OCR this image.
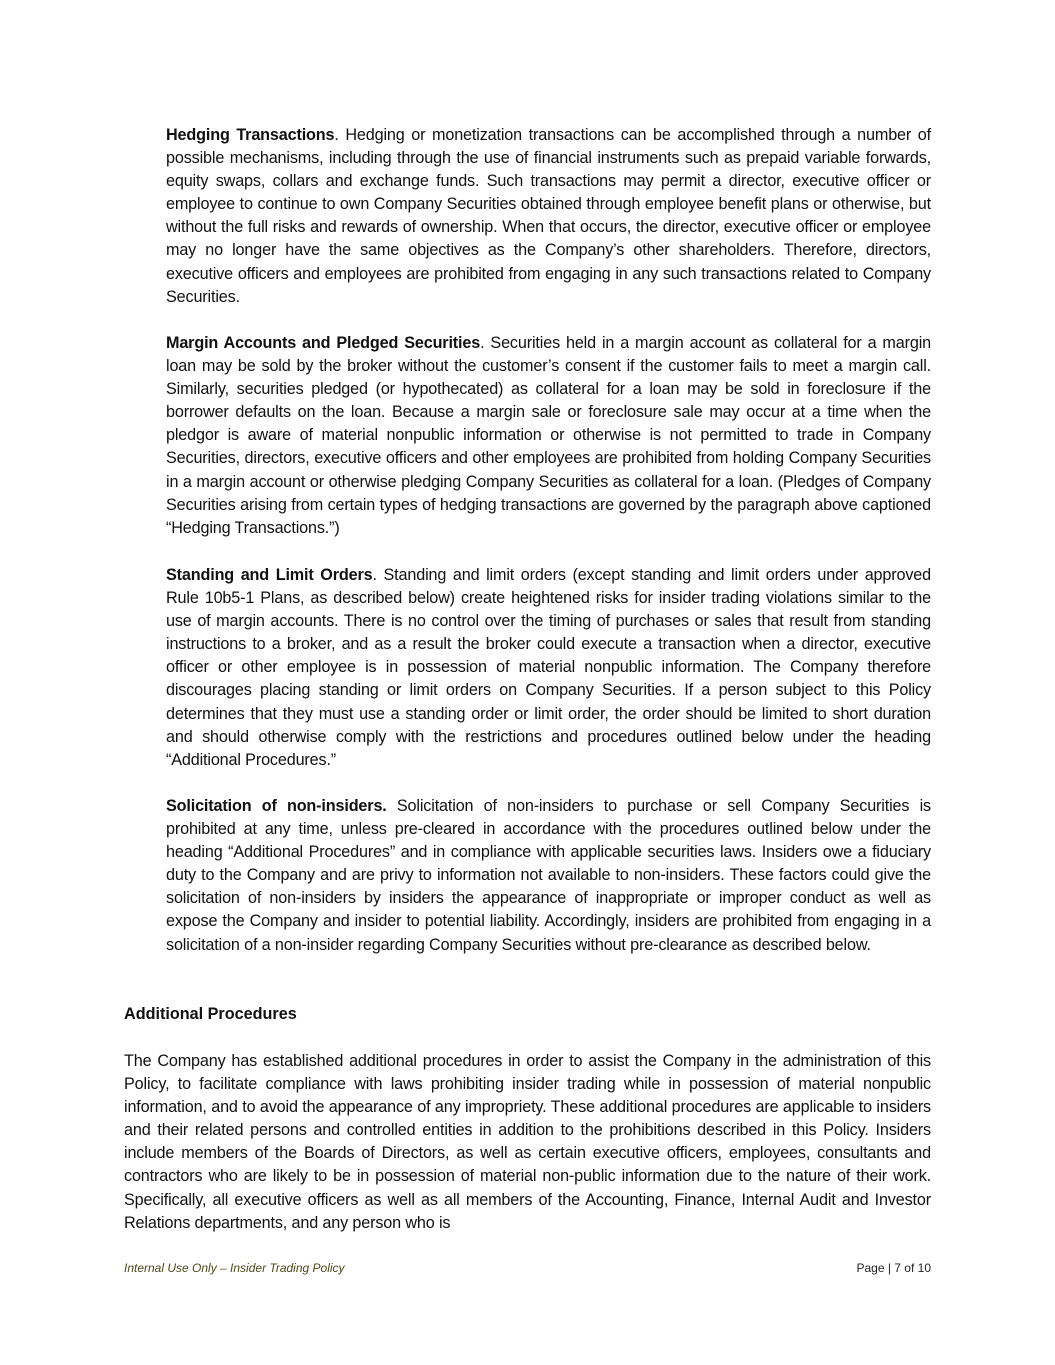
Hedging Transactions. Hedging or monetization transactions can be accomplished through a number of possible mechanisms, including through the use of financial instruments such as prepaid variable forwards, equity swaps, collars and exchange funds. Such transactions may permit a director, executive officer or employee to continue to own Company Securities obtained through employee benefit plans or otherwise, but without the full risks and rewards of ownership. When that occurs, the director, executive officer or employee may no longer have the same objectives as the Company’s other shareholders. Therefore, directors, executive officers and employees are prohibited from engaging in any such transactions related to Company Securities.

Margin Accounts and Pledged Securities. Securities held in a margin account as collateral for a margin loan may be sold by the broker without the customer’s consent if the customer fails to meet a margin call. Similarly, securities pledged (or hypothecated) as collateral for a loan may be sold in foreclosure if the borrower defaults on the loan. Because a margin sale or foreclosure sale may occur at a time when the pledgor is aware of material nonpublic information or otherwise is not permitted to trade in Company Securities, directors, executive officers and other employees are prohibited from holding Company Securities in a margin account or otherwise pledging Company Securities as collateral for a loan. (Pledges of Company Securities arising from certain types of hedging transactions are governed by the paragraph above captioned “Hedging Transactions.”)

Standing and Limit Orders. Standing and limit orders (except standing and limit orders under approved Rule 10b5-1 Plans, as described below) create heightened risks for insider trading violations similar to the use of margin accounts. There is no control over the timing of purchases or sales that result from standing instructions to a broker, and as a result the broker could execute a transaction when a director, executive officer or other employee is in possession of material nonpublic information. The Company therefore discourages placing standing or limit orders on Company Securities. If a person subject to this Policy determines that they must use a standing order or limit order, the order should be limited to short duration and should otherwise comply with the restrictions and procedures outlined below under the heading “Additional Procedures.”

Solicitation of non-insiders. Solicitation of non-insiders to purchase or sell Company Securities is prohibited at any time, unless pre-cleared in accordance with the procedures outlined below under the heading “Additional Procedures” and in compliance with applicable securities laws. Insiders owe a fiduciary duty to the Company and are privy to information not available to non-insiders. These factors could give the solicitation of non-insiders by insiders the appearance of inappropriate or improper conduct as well as expose the Company and insider to potential liability. Accordingly, insiders are prohibited from engaging in a solicitation of a non-insider regarding Company Securities without pre-clearance as described below.

Additional Procedures

The Company has established additional procedures in order to assist the Company in the administration of this Policy, to facilitate compliance with laws prohibiting insider trading while in possession of material nonpublic information, and to avoid the appearance of any impropriety. These additional procedures are applicable to insiders and their related persons and controlled entities in addition to the prohibitions described in this Policy. Insiders include members of the Boards of Directors, as well as certain executive officers, employees, consultants and contractors who are likely to be in possession of material non-public information due to the nature of their work. Specifically, all executive officers as well as all members of the Accounting, Finance, Internal Audit and Investor Relations departments, and any person who is

Internal Use Only – Insider Trading Policy	Page | 7 of 10
